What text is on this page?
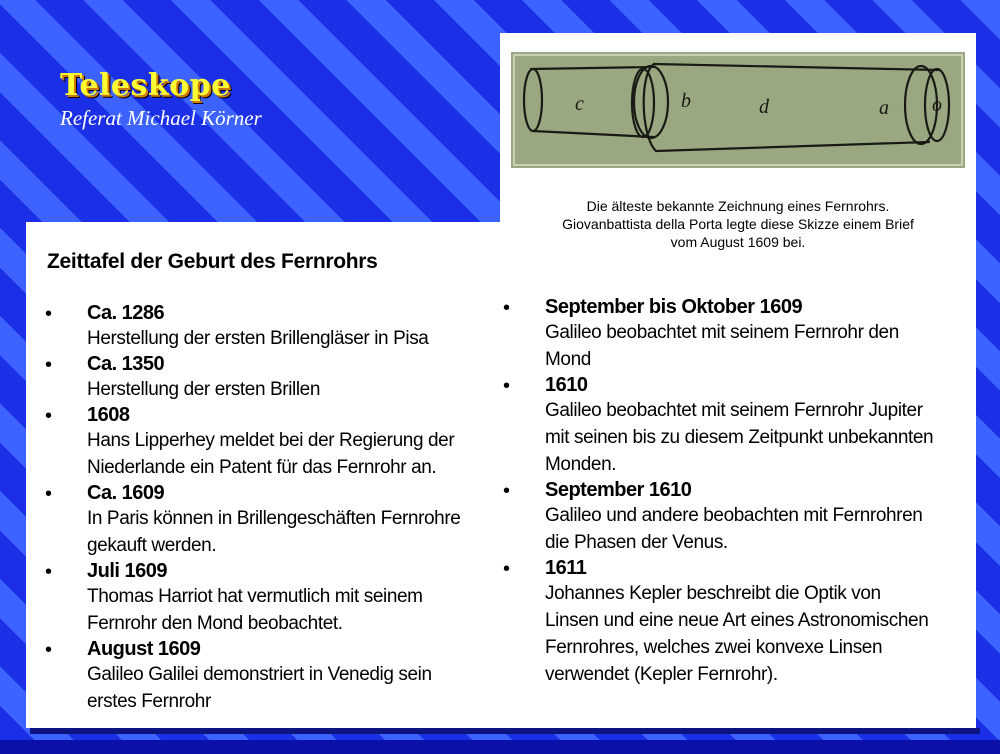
Teleskope
Referat Michael Körner
c	b	d	a o
Die älteste bekannte Zeichnung eines Fernrohrs.
Giovanbattista della Porta legte diese Skizze einem Brief
vom August 1609 bei.
Zeittafel der Geburt des Fernrohrs
• Ca. 1286
Herstellung der ersten Brillengläser in Pisa
• Ca. 1350
Herstellung der ersten Brillen
• 1608
Hans Lipperhey meldet bei der Regierung der
Niederlande ein Patent für das Fernrohr an.
• Ca. 1609
In Paris können in Brillengeschäften Fernrohre
gekauft werden.
• Juli 1609
Thomas Harriot hat vermutlich mit seinem
Fernrohr den Mond beobachtet.
• August 1609
Galileo Galilei demonstriert in Venedig sein
erstes Fernrohr
• September bis Oktober 1609
Galileo beobachtet mit seinem Fernrohr den
Mond
• 1610
Galileo beobachtet mit seinem Fernrohr Jupiter
mit seinen bis zu diesem Zeitpunkt unbekannten
Monden.
• September 1610
Galileo und andere beobachten mit Fernrohren
die Phasen der Venus.
• 1611
Johannes Kepler beschreibt die Optik von
Linsen und eine neue Art eines Astronomischen
Fernrohres, welches zwei konvexe Linsen
verwendet (Kepler Fernrohr).
